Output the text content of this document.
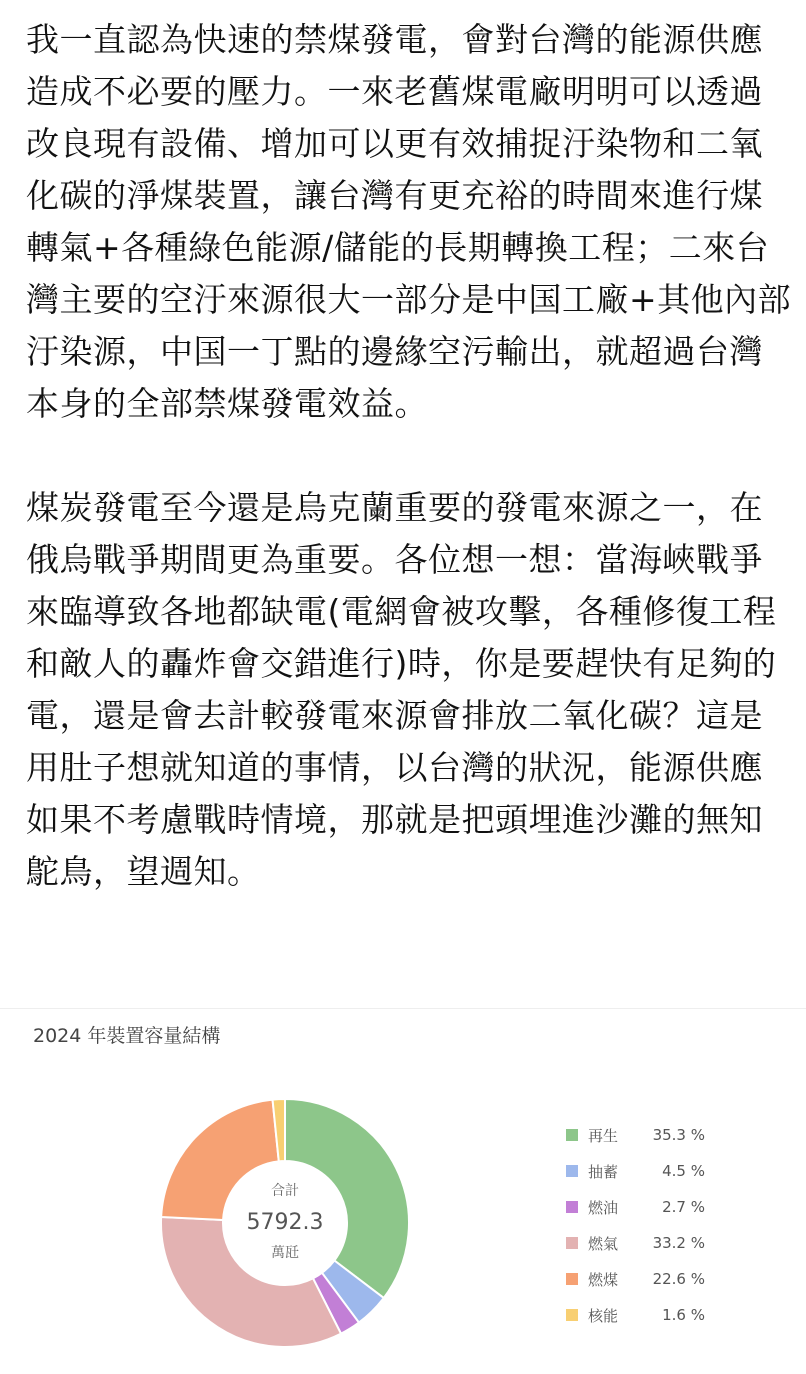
我一直認為快速的禁煤發電，會對台灣的能源供應造成不必要的壓力。一來老舊煤電廠明明可以透過改良現有設備、增加可以更有效捕捉汙染物和二氧化碳的淨煤裝置，讓台灣有更充裕的時間來進行煤轉氣+各種綠色能源/儲能的長期轉換工程；二來台灣主要的空汙來源很大一部分是中国工廠+其他內部汙染源，中国一丁點的邊緣空污輸出，就超過台灣本身的全部禁煤發電效益。

煤炭發電至今還是烏克蘭重要的發電來源之一，在俄烏戰爭期間更為重要。各位想一想：當海峽戰爭來臨導致各地都缺電(電網會被攻擊，各種修復工程和敵人的轟炸會交錯進行)時，你是要趕快有足夠的電，還是會去計較發電來源會排放二氧化碳？這是用肚子想就知道的事情，以台灣的狀況，能源供應如果不考慮戰時情境，那就是把頭埋進沙灘的無知鴕鳥，望週知。

2024 年裝置容量結構
合計
5792.3
萬瓩
再生	35.3 %
抽蓄	4.5 %
燃油	2.7 %
燃氣	33.2 %
燃煤	22.6 %
核能	1.6 %
